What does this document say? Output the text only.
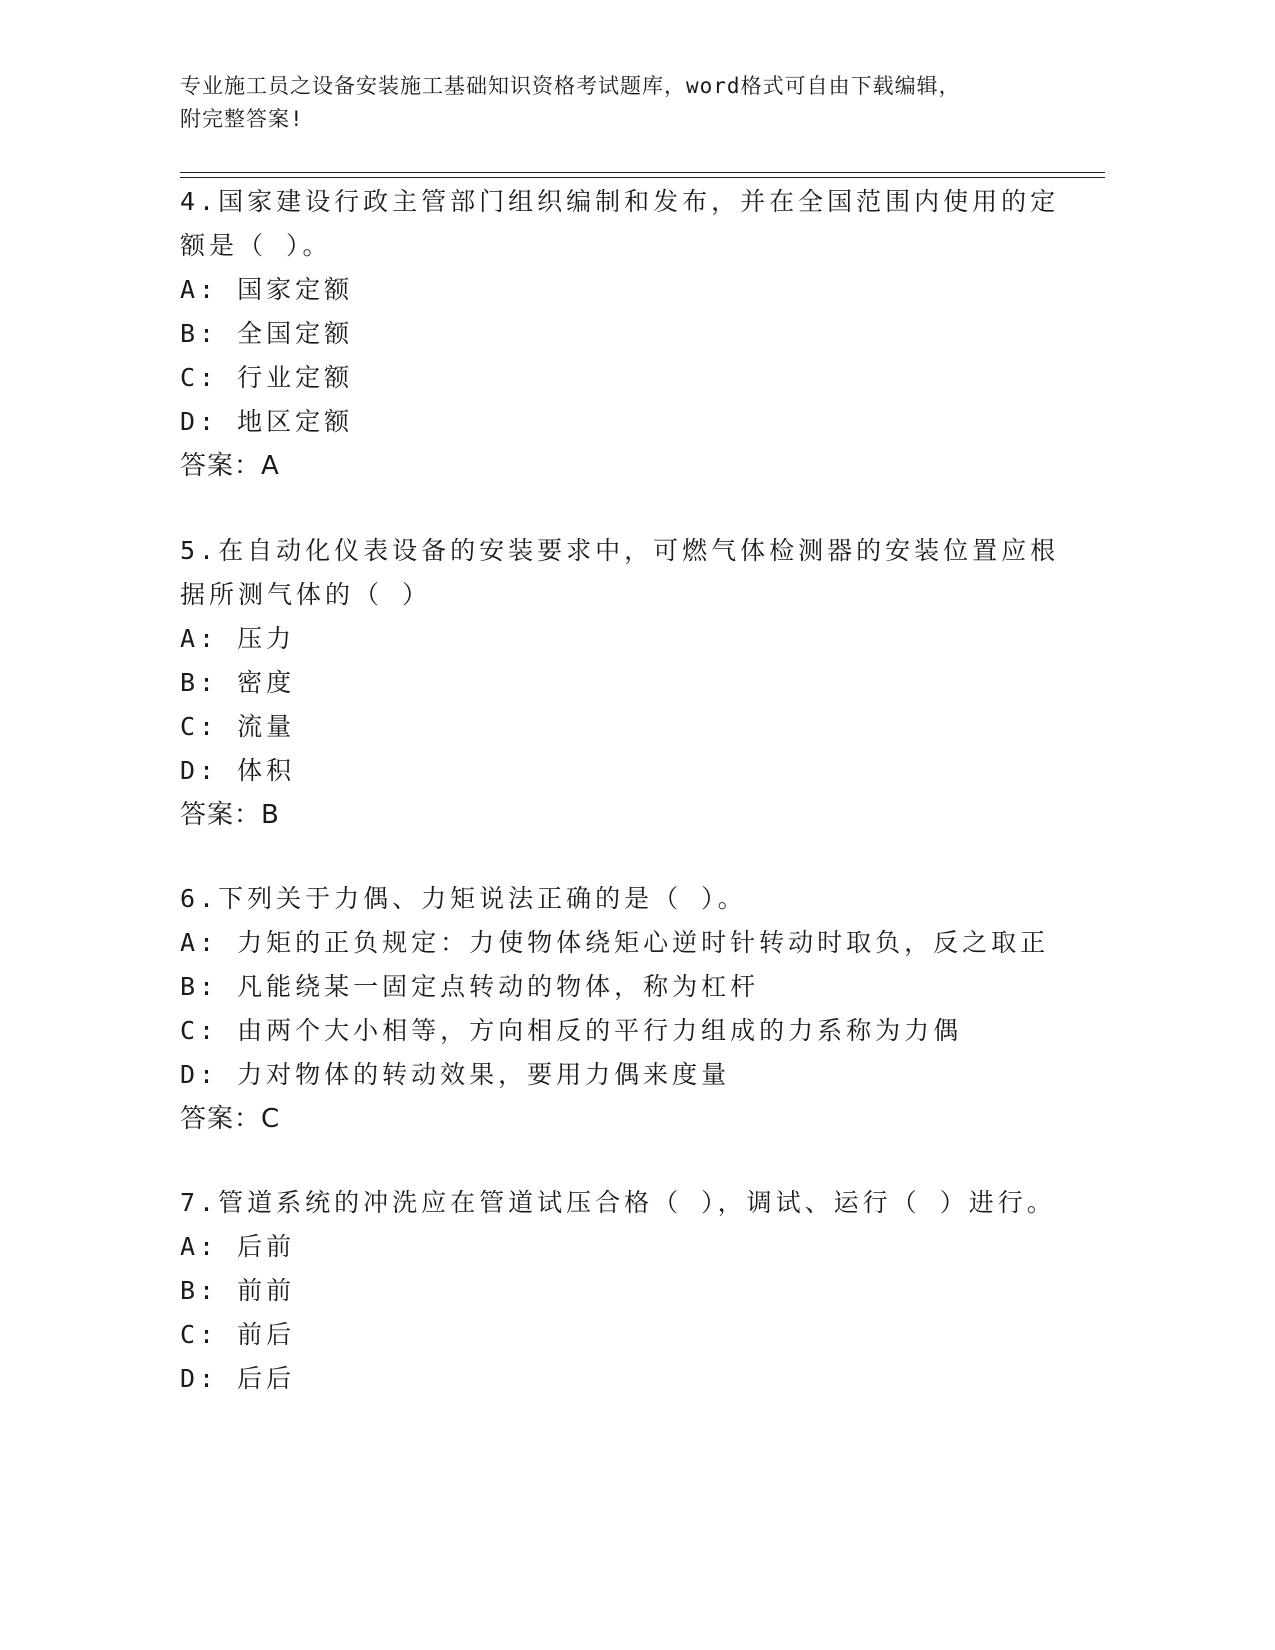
专业施工员之设备安装施工基础知识资格考试题库，word格式可自由下载编辑，
附完整答案!

4.国家建设行政主管部门组织编制和发布，并在全国范围内使用的定

额是（ ）。

A: 国家定额

B: 全国定额

C: 行业定额

D: 地区定额

答案：A

5.在自动化仪表设备的安装要求中，可燃气体检测器的安装位置应根

据所测气体的（ ）

A: 压力

B: 密度

C: 流量

D: 体积

答案：B

6.下列关于力偶、力矩说法正确的是（ ）。

A: 力矩的正负规定：力使物体绕矩心逆时针转动时取负，反之取正

B: 凡能绕某一固定点转动的物体，称为杠杆

C: 由两个大小相等，方向相反的平行力组成的力系称为力偶

D: 力对物体的转动效果，要用力偶来度量

答案：C

7.管道系统的冲洗应在管道试压合格（ ），调试、运行（ ）进行。

A: 后前

B: 前前

C: 前后

D: 后后
